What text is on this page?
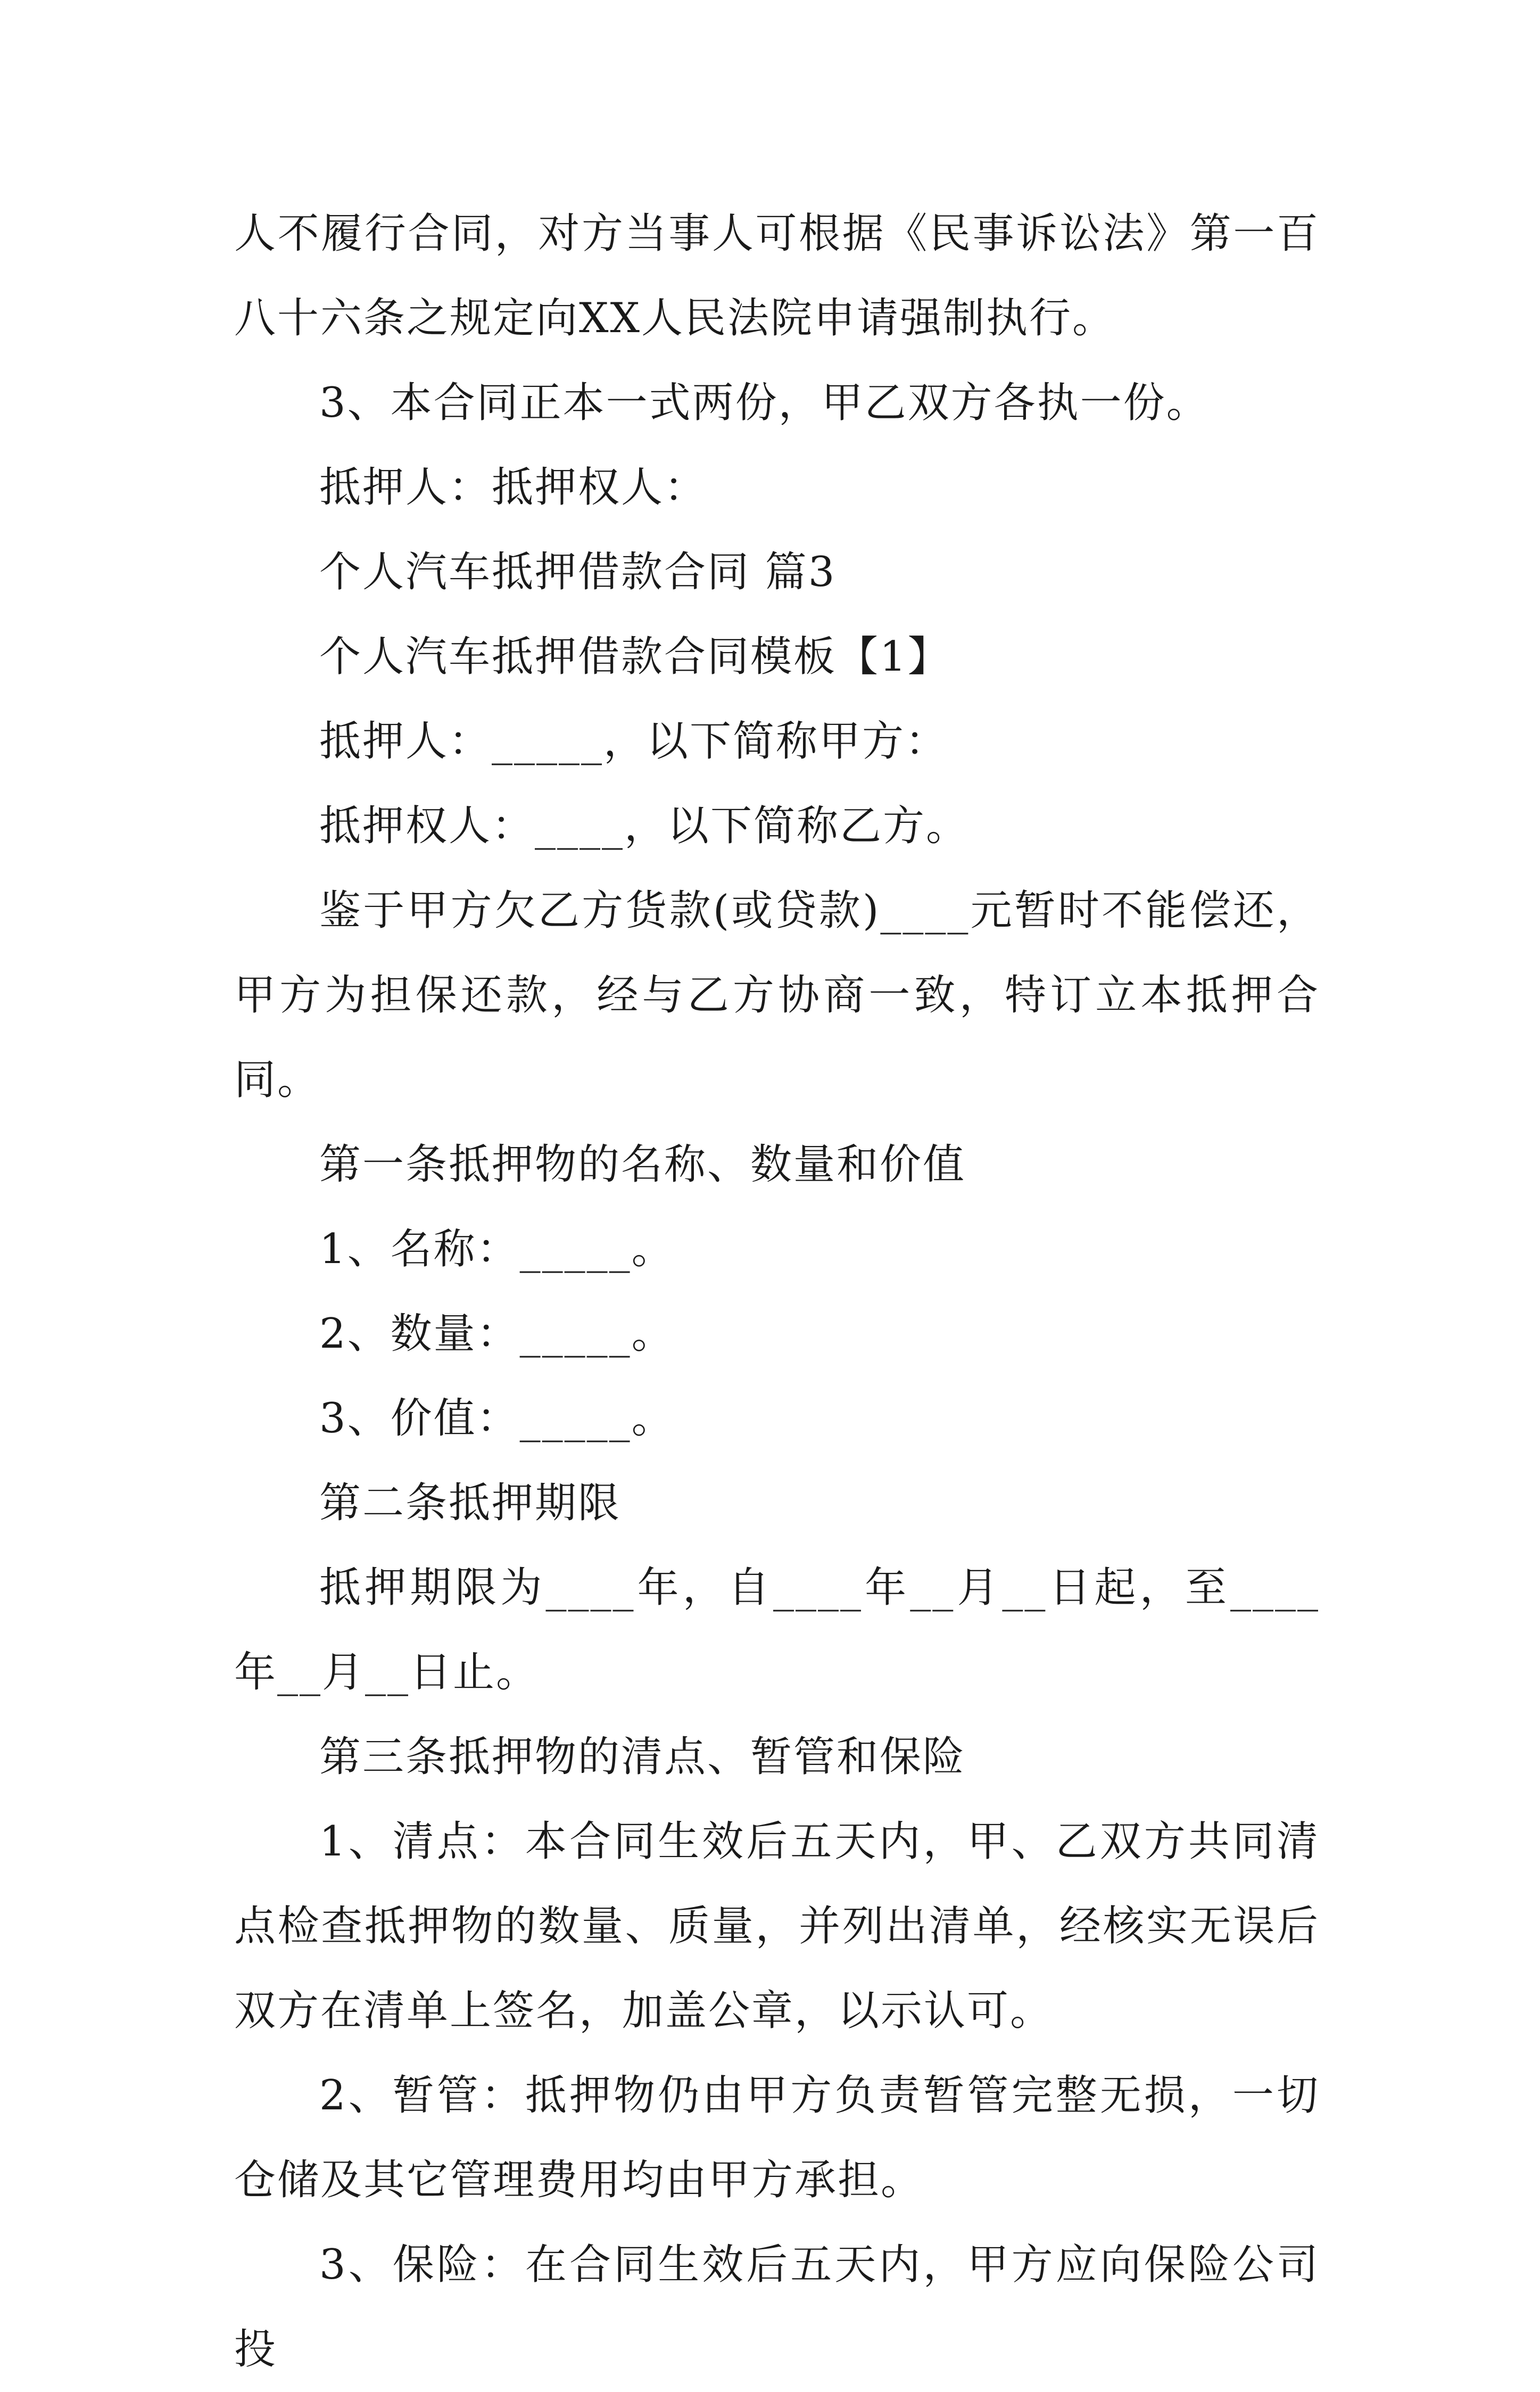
人不履行合同，对方当事人可根据《民事诉讼法》第一百八十六条之规定向XX人民法院申请强制执行。

3、本合同正本一式两份，甲乙双方各执一份。

抵押人：抵押权人：

个人汽车抵押借款合同 篇3

个人汽车抵押借款合同模板【1】

抵押人：_____，以下简称甲方：

抵押权人：____，以下简称乙方。

鉴于甲方欠乙方货款(或贷款)____元暂时不能偿还，甲方为担保还款，经与乙方协商一致，特订立本抵押合同。

第一条抵押物的名称、数量和价值

1、名称：_____。

2、数量：_____。

3、价值：_____。

第二条抵押期限

抵押期限为____年，自____年__月__日起，至____年__月__日止。

第三条抵押物的清点、暂管和保险

1、清点：本合同生效后五天内，甲、乙双方共同清点检查抵押物的数量、质量，并列出清单，经核实无误后双方在清单上签名，加盖公章，以示认可。

2、暂管：抵押物仍由甲方负责暂管完整无损，一切仓储及其它管理费用均由甲方承担。

3、保险：在合同生效后五天内，甲方应向保险公司投
